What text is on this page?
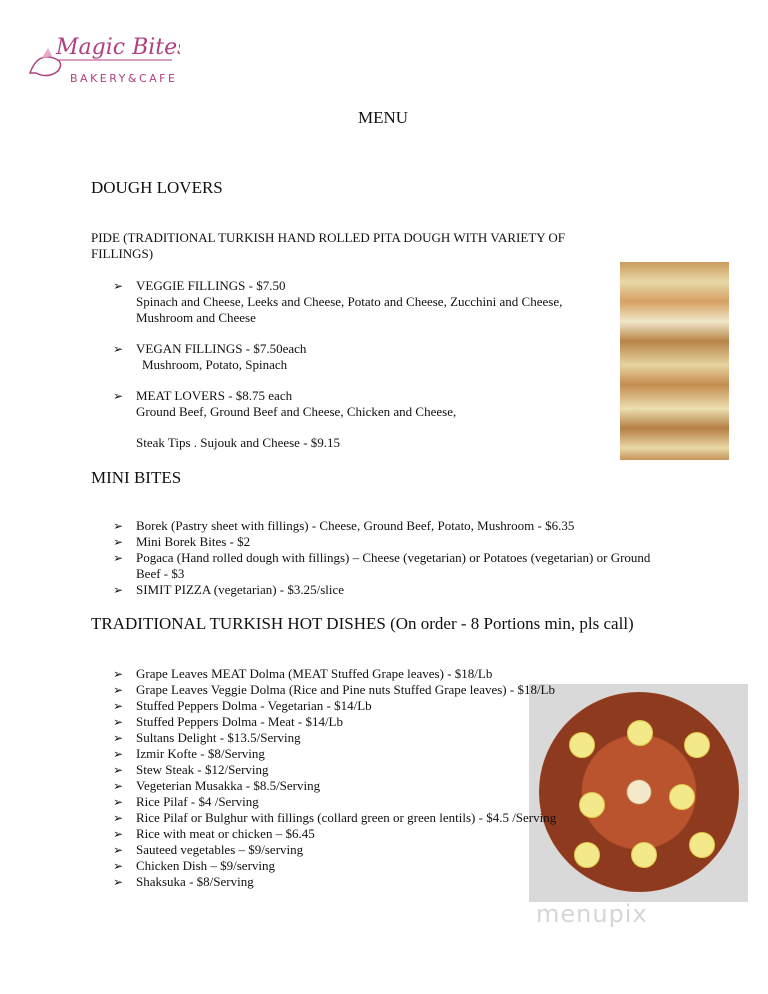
Magic Bites
BAKERY&CAFE
MENU
DOUGH LOVERS
PIDE (TRADITIONAL TURKISH HAND ROLLED PITA DOUGH WITH VARIETY OF
FILLINGS)
➢ VEGGIE FILLINGS - $7.50
Spinach and Cheese, Leeks and Cheese, Potato and Cheese, Zucchini and Cheese,
Mushroom and Cheese
➢ VEGAN FILLINGS - $7.50each
Mushroom, Potato, Spinach
➢ MEAT LOVERS - $8.75 each
Ground Beef, Ground Beef and Cheese, Chicken and Cheese,
Steak Tips . Sujouk and Cheese - $9.15
MINI BITES
➢ Borek (Pastry sheet with fillings) - Cheese, Ground Beef, Potato, Mushroom - $6.35
➢ Mini Borek Bites - $2
➢ Pogaca (Hand rolled dough with fillings) – Cheese (vegetarian) or Potatoes (vegetarian) or Ground
Beef - $3
➢ SIMIT PIZZA (vegetarian) - $3.25/slice
TRADITIONAL TURKISH HOT DISHES (On order - 8 Portions min, pls call)
➢ Grape Leaves MEAT Dolma (MEAT Stuffed Grape leaves) - $18/Lb
➢ Grape Leaves Veggie Dolma (Rice and Pine nuts Stuffed Grape leaves) - $18/Lb
➢ Stuffed Peppers Dolma - Vegetarian - $14/Lb
➢ Stuffed Peppers Dolma - Meat - $14/Lb
➢ Sultans Delight - $13.5/Serving
➢ Izmir Kofte - $8/Serving
➢ Stew Steak - $12/Serving
➢ Vegeterian Musakka - $8.5/Serving
➢ Rice Pilaf - $4 /Serving
➢ Rice Pilaf or Bulghur with fillings (collard green or green lentils) - $4.5 /Serving
➢ Rice with meat or chicken – $6.45
➢ Sauteed vegetables – $9/serving
➢ Chicken Dish – $9/serving
➢ Shaksuka - $8/Serving
menupix
